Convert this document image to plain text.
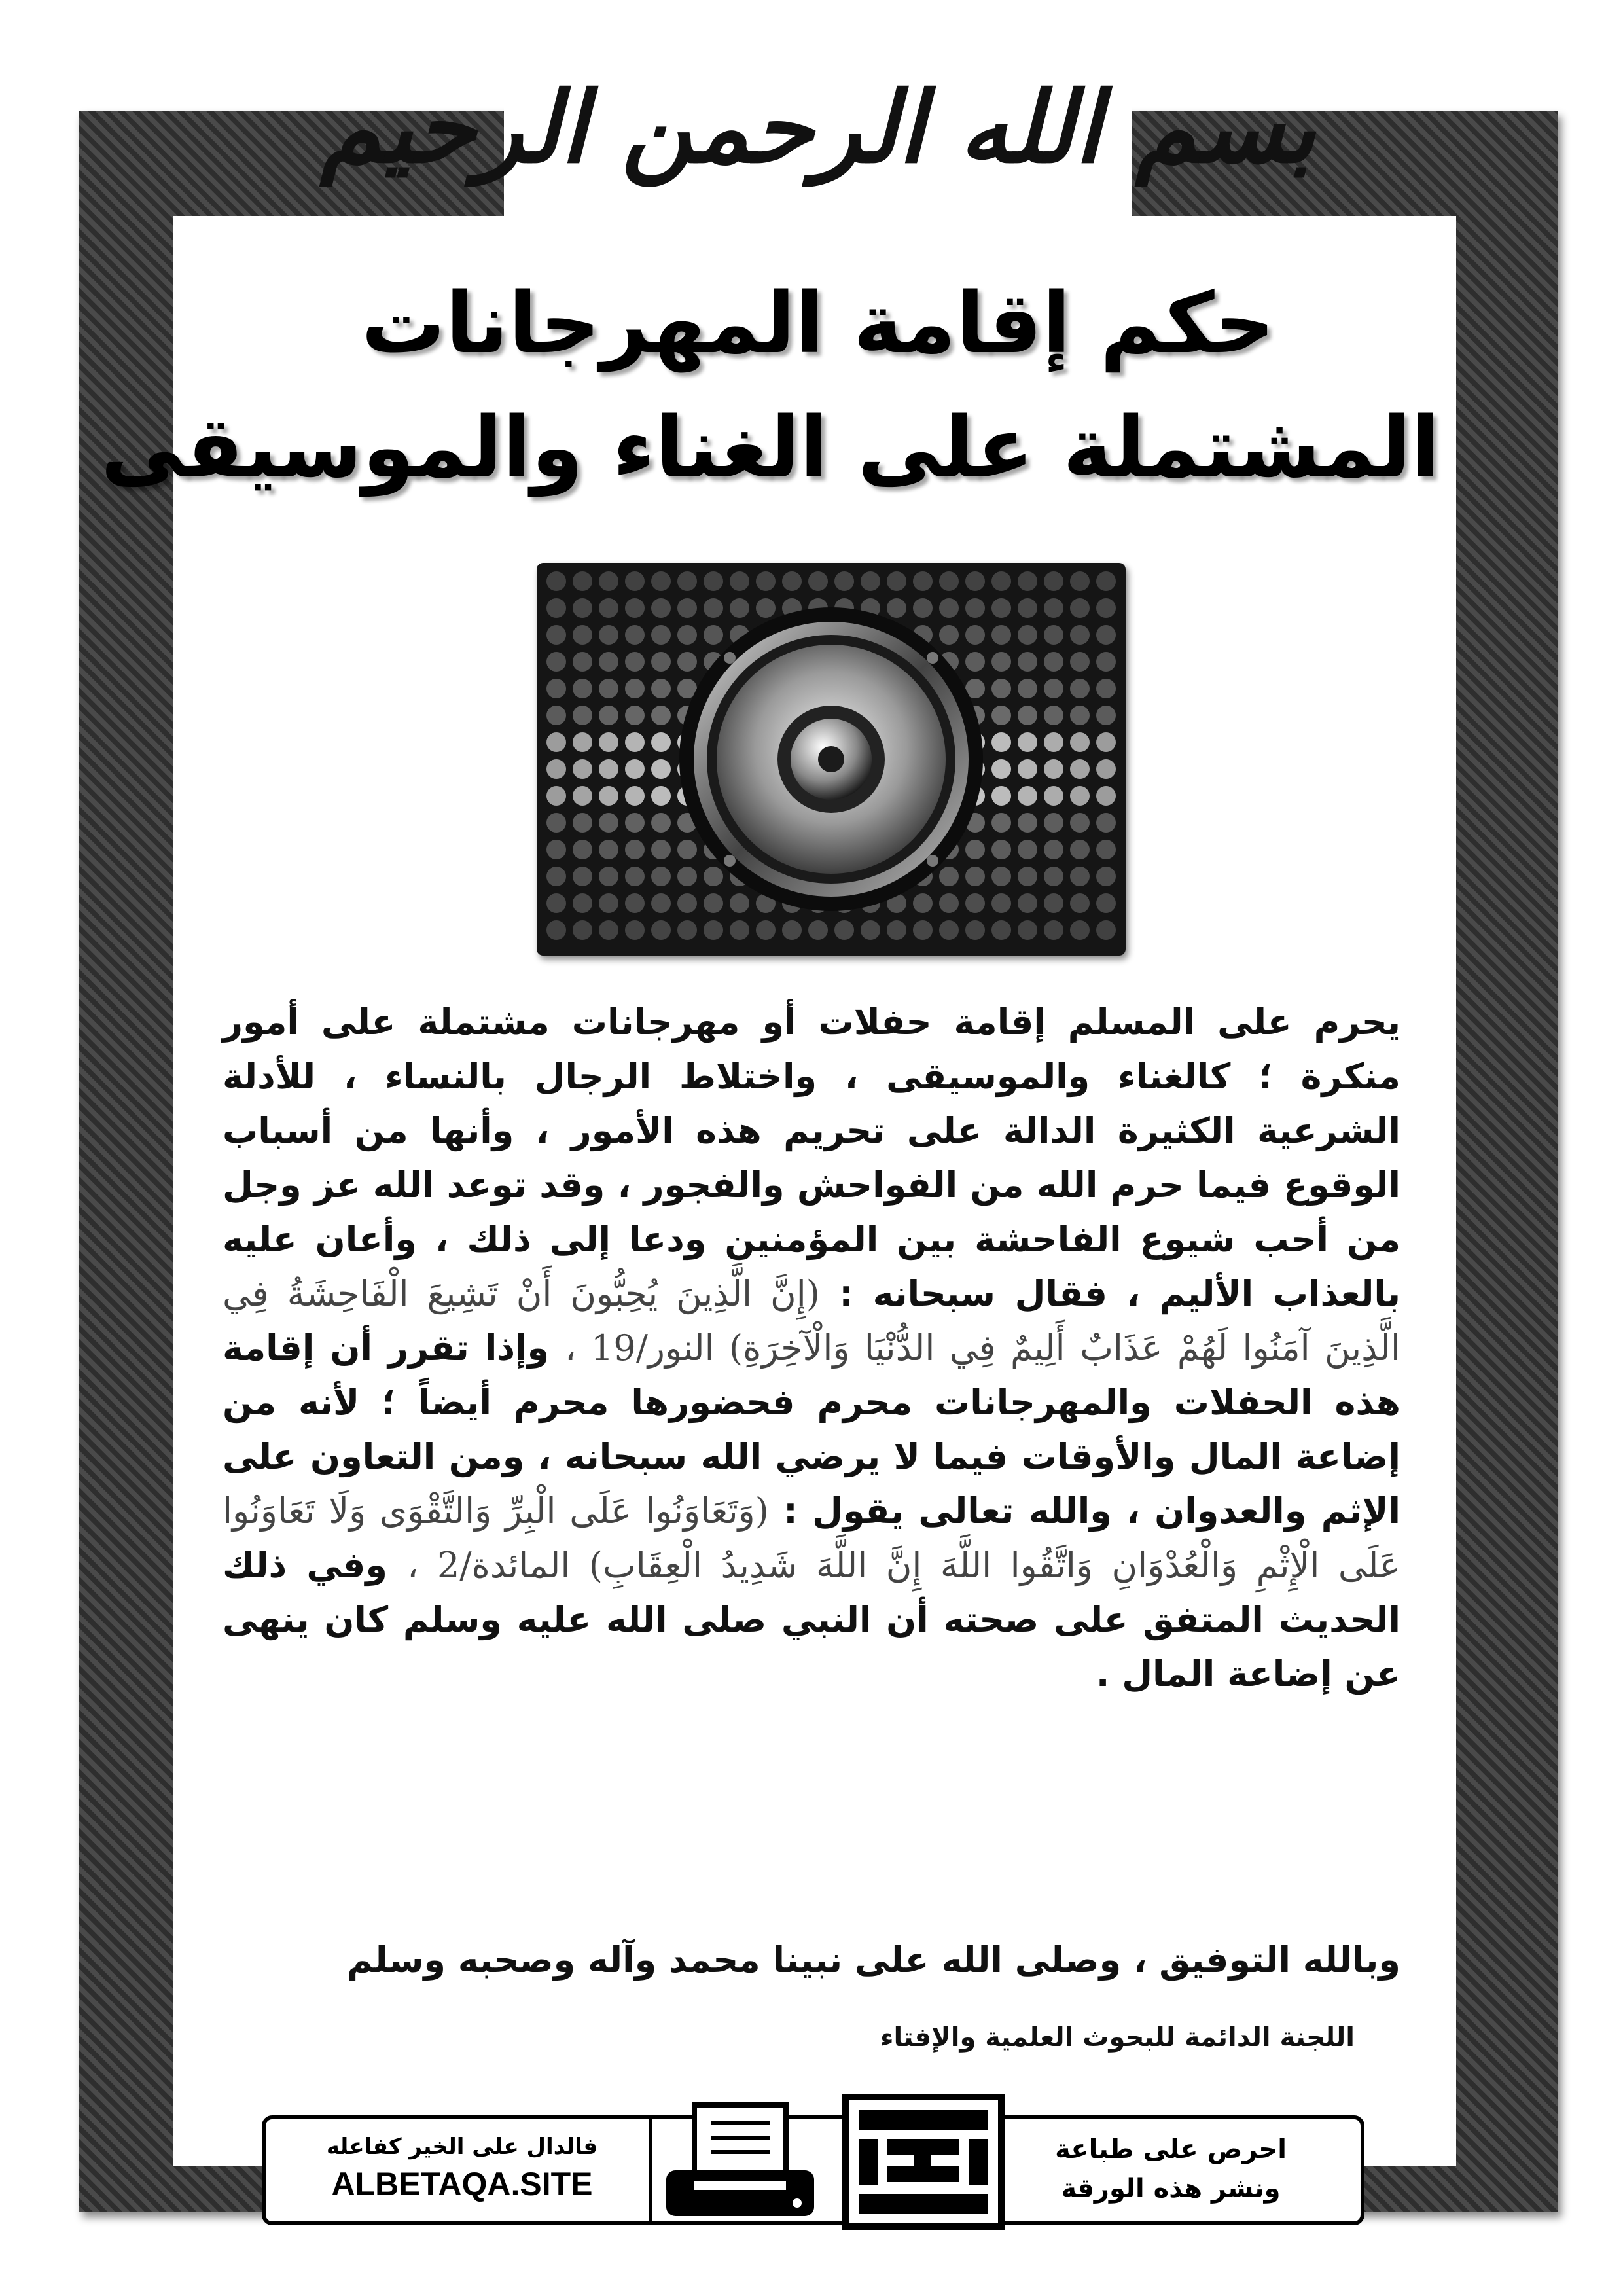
بسم الله الرحمن الرحيم
حكم إقامة المهرجانات
المشتملة على الغناء والموسيقى
يحرم على المسلم إقامة حفلات أو مهرجانات مشتملة على أمور منكرة ؛ كالغناء والموسيقى ، واختلاط الرجال بالنساء ، للأدلة الشرعية الكثيرة الدالة على تحريم هذه الأمور ، وأنها من أسباب الوقوع فيما حرم الله من الفواحش والفجور ، وقد توعد الله عز وجل من أحب شيوع الفاحشة بين المؤمنين ودعا إلى ذلك ، وأعان عليه بالعذاب الأليم ، فقال سبحانه : (إِنَّ الَّذِينَ يُحِبُّونَ أَنْ تَشِيعَ الْفَاحِشَةُ فِي الَّذِينَ آمَنُوا لَهُمْ عَذَابٌ أَلِيمٌ فِي الدُّنْيَا وَالْآخِرَةِ) النور/19 ، وإذا تقرر أن إقامة هذه الحفلات والمهرجانات محرم فحضورها محرم أيضاً ؛ لأنه من إضاعة المال والأوقات فيما لا يرضي الله سبحانه ، ومن التعاون على الإثم والعدوان ، والله تعالى يقول : (وَتَعَاوَنُوا عَلَى الْبِرِّ وَالتَّقْوَى وَلَا تَعَاوَنُوا عَلَى الْإِثْمِ وَالْعُدْوَانِ وَاتَّقُوا اللَّهَ إِنَّ اللَّهَ شَدِيدُ الْعِقَابِ) المائدة/2 ، وفي ذلك الحديث المتفق على صحته أن النبي صلى الله عليه وسلم كان ينهى عن إضاعة المال .
وبالله التوفيق ، وصلى الله على نبينا محمد وآله وصحبه وسلم
اللجنة الدائمة للبحوث العلمية والإفتاء
فالدال على الخير كفاعله
ALBETAQA.SITE
احرص على طباعة
ونشر هذه الورقة
